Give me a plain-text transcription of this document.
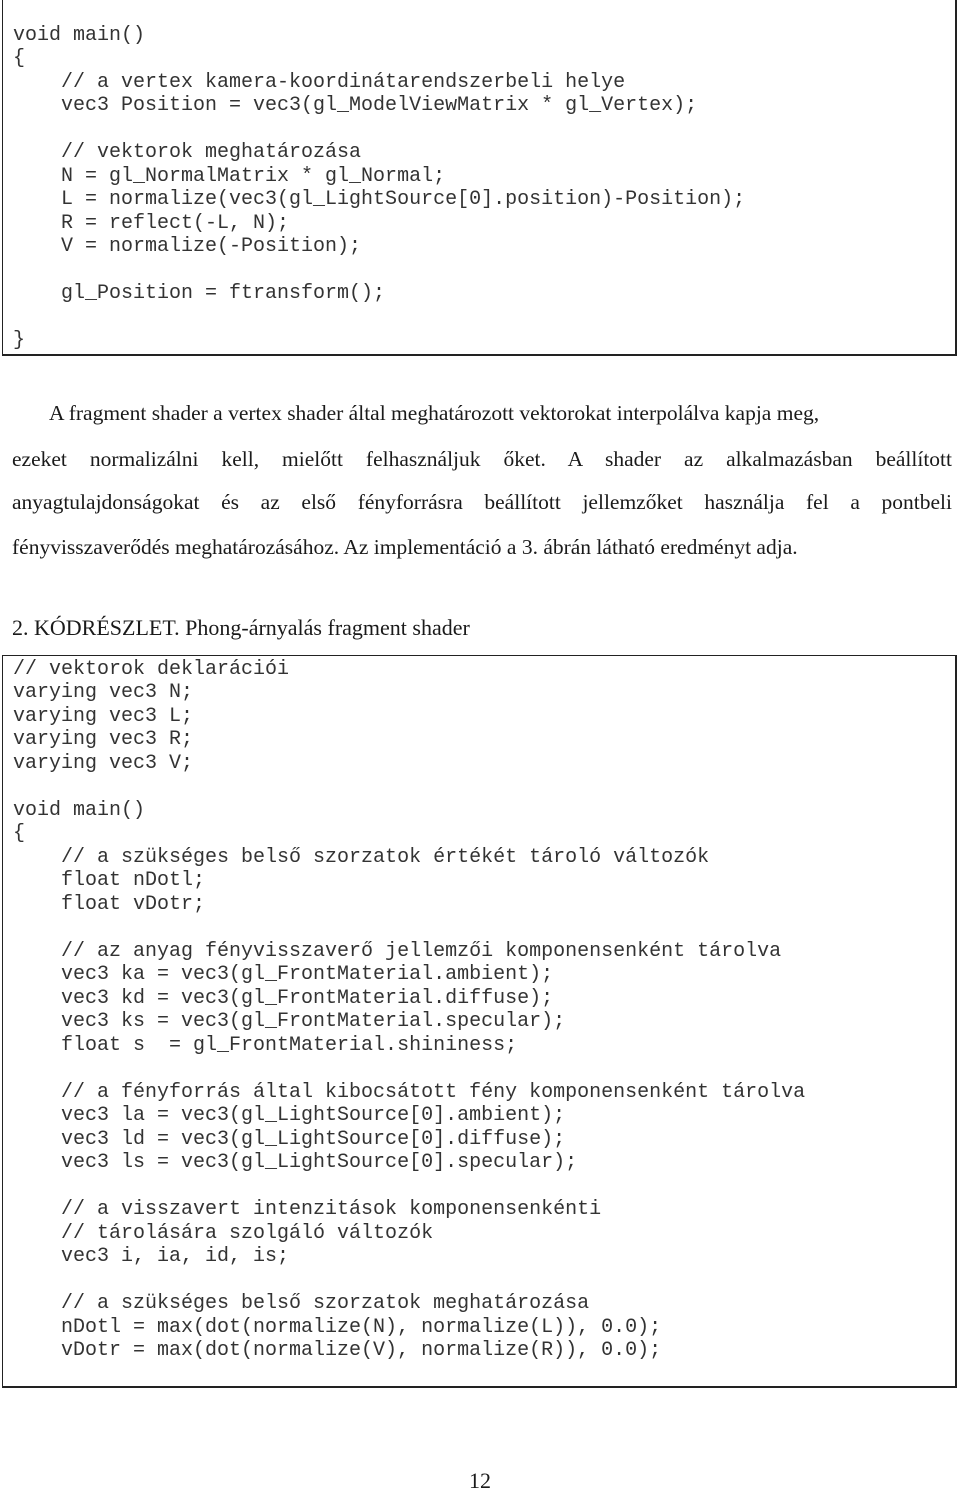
void main()
{
// a vertex kamera-koordinátarendszerbeli helye
vec3 Position = vec3(gl_ModelViewMatrix * gl_Vertex);
// vektorok meghatározása
N = gl_NormalMatrix * gl_Normal;
L = normalize(vec3(gl_LightSource[0].position)-Position);
R = reflect(-L, N);
V = normalize(-Position);
gl_Position = ftransform();
}

A fragment shader a vertex shader által meghatározott vektorokat interpolálva kapja meg,

ezeket normalizálni kell, mielőtt felhasználjuk őket. A shader az alkalmazásban beállított

anyagtulajdonságokat és az első fényforrásra beállított jellemzőket használja fel a pontbeli

fényvisszaverődés meghatározásához. Az implementáció a 3. ábrán látható eredményt adja.

2. KÓDRÉSZLET. Phong-árnyalás fragment shader

// vektorok deklarációi
varying vec3 N;
varying vec3 L;
varying vec3 R;
varying vec3 V;
void main()
{
// a szükséges belső szorzatok értékét tároló változók
float nDotl;
float vDotr;
// az anyag fényvisszaverő jellemzői komponensenként tárolva
vec3 ka = vec3(gl_FrontMaterial.ambient);
vec3 kd = vec3(gl_FrontMaterial.diffuse);
vec3 ks = vec3(gl_FrontMaterial.specular);
float s  = gl_FrontMaterial.shininess;
// a fényforrás által kibocsátott fény komponensenként tárolva
vec3 la = vec3(gl_LightSource[0].ambient);
vec3 ld = vec3(gl_LightSource[0].diffuse);
vec3 ls = vec3(gl_LightSource[0].specular);
// a visszavert intenzitások komponensenkénti
// tárolására szolgáló változók
vec3 i, ia, id, is;
// a szükséges belső szorzatok meghatározása
nDotl = max(dot(normalize(N), normalize(L)), 0.0);
vDotr = max(dot(normalize(V), normalize(R)), 0.0);
12
